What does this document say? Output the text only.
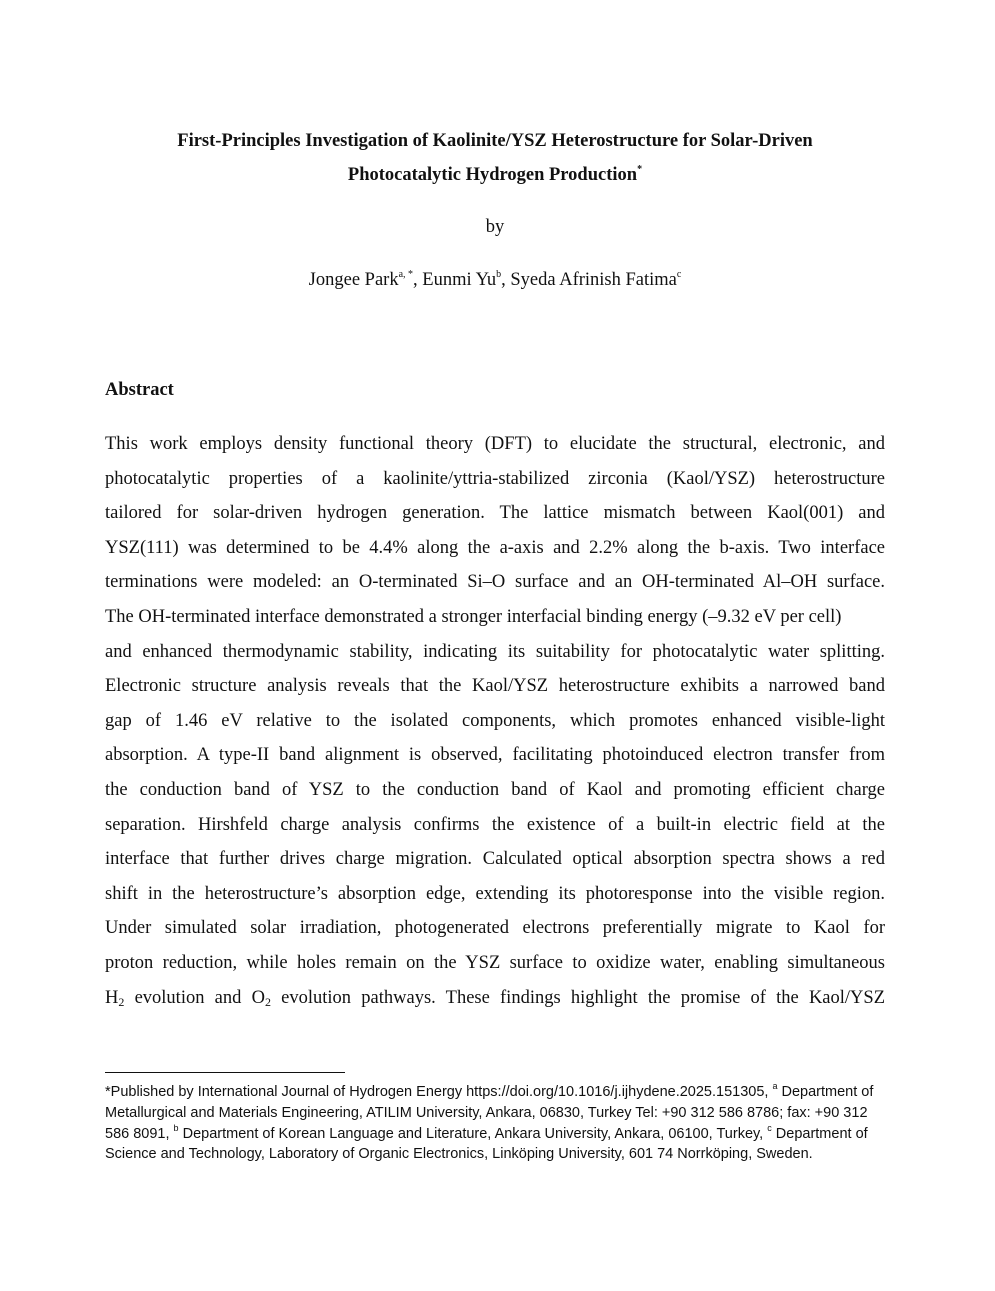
First-Principles Investigation of Kaolinite/YSZ Heterostructure for Solar-Driven
Photocatalytic Hydrogen Production*
by
Jongee Park$^{a, *}$, Eunmi Yu$^b$, Syeda Afrinish Fatima$^c$
Abstract
This work employs density functional theory (DFT) to elucidate the structural, electronic, and
photocatalytic properties of a kaolinite/yttria-stabilized zirconia (Kaol/YSZ) heterostructure
tailored for solar-driven hydrogen generation. The lattice mismatch between Kaol(001) and
YSZ(111) was determined to be 4.4% along the a-axis and 2.2% along the b-axis. Two interface
terminations were modeled: an O-terminated Si–O surface and an OH-terminated Al–OH surface.
The OH-terminated interface demonstrated a stronger interfacial binding energy (–9.32 eV per cell)
and enhanced thermodynamic stability, indicating its suitability for photocatalytic water splitting.
Electronic structure analysis reveals that the Kaol/YSZ heterostructure exhibits a narrowed band
gap of 1.46 eV relative to the isolated components, which promotes enhanced visible-light
absorption. A type-II band alignment is observed, facilitating photoinduced electron transfer from
the conduction band of YSZ to the conduction band of Kaol and promoting efficient charge
separation. Hirshfeld charge analysis confirms the existence of a built-in electric field at the
interface that further drives charge migration. Calculated optical absorption spectra shows a red
shift in the heterostructure’s absorption edge, extending its photoresponse into the visible region.
Under simulated solar irradiation, photogenerated electrons preferentially migrate to Kaol for
proton reduction, while holes remain on the YSZ surface to oxidize water, enabling simultaneous
$H_2$ evolution and $O_2$ evolution pathways. These findings highlight the promise of the Kaol/YSZ
*Published by International Journal of Hydrogen Energy https://doi.org/10.1016/j.ijhydene.2025.151305, $^a$ Department of Metallurgical and Materials Engineering, ATILIM University, Ankara, 06830, Turkey Tel: +90 312 586 8786; fax: +90 312 586 8091, $^b$ Department of Korean Language and Literature, Ankara University, Ankara, 06100, Turkey, $^c$ Department of Science and Technology, Laboratory of Organic Electronics, Linköping University, 601 74 Norrköping, Sweden.
